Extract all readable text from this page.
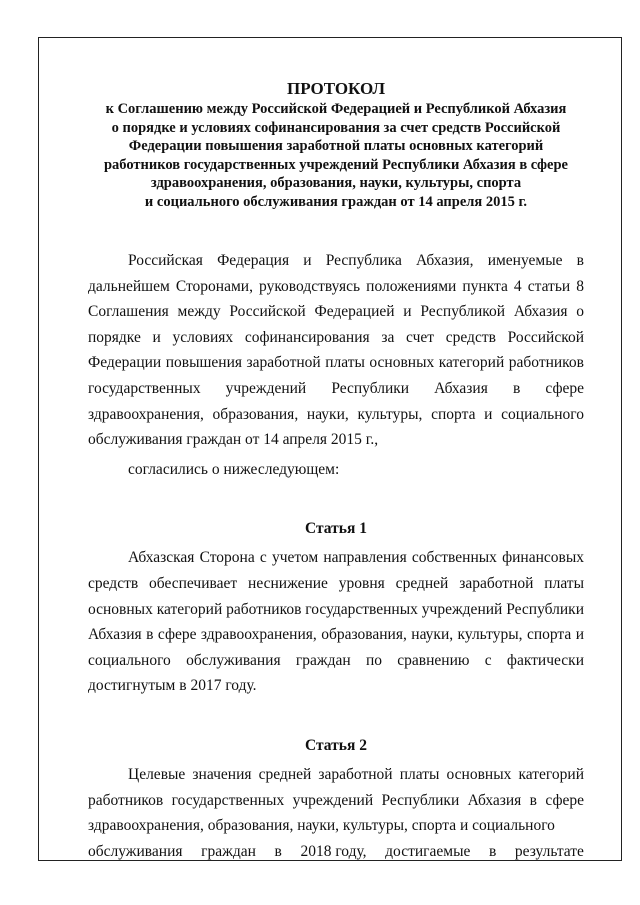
ПРОТОКОЛ

к Соглашению между Российской Федерацией и Республикой Абхазия
о порядке и условиях софинансирования за счет средств Российской
Федерации повышения заработной платы основных категорий
работников государственных учреждений Республики Абхазия в сфере
здравоохранения, образования, науки, культуры, спорта
и социального обслуживания граждан от 14 апреля 2015 г.

Российская Федерация и Республика Абхазия, именуемые в дальнейшем Сторонами, руководствуясь положениями пункта 4 статьи 8 Соглашения между Российской Федерацией и Республикой Абхазия о порядке и условиях софинансирования за счет средств Российской Федерации повышения заработной платы основных категорий работников государственных учреждений Республики Абхазия в сфере здравоохранения, образования, науки, культуры, спорта и социального обслуживания граждан от 14 апреля 2015 г.,

согласились о нижеследующем:

Статья 1

Абхазская Сторона с учетом направления собственных финансовых средств обеспечивает неснижение уровня средней заработной платы основных категорий работников государственных учреждений Республики Абхазия в сфере здравоохранения, образования, науки, культуры, спорта и социального обслуживания граждан по сравнению с фактически достигнутым в 2017 году.

Статья 2

Целевые значения средней заработной платы основных категорий работников государственных учреждений Республики Абхазия в сфере здравоохранения, образования, науки, культуры, спорта и социального

обслуживания граждан в 2018 году, достигаемые в результате
